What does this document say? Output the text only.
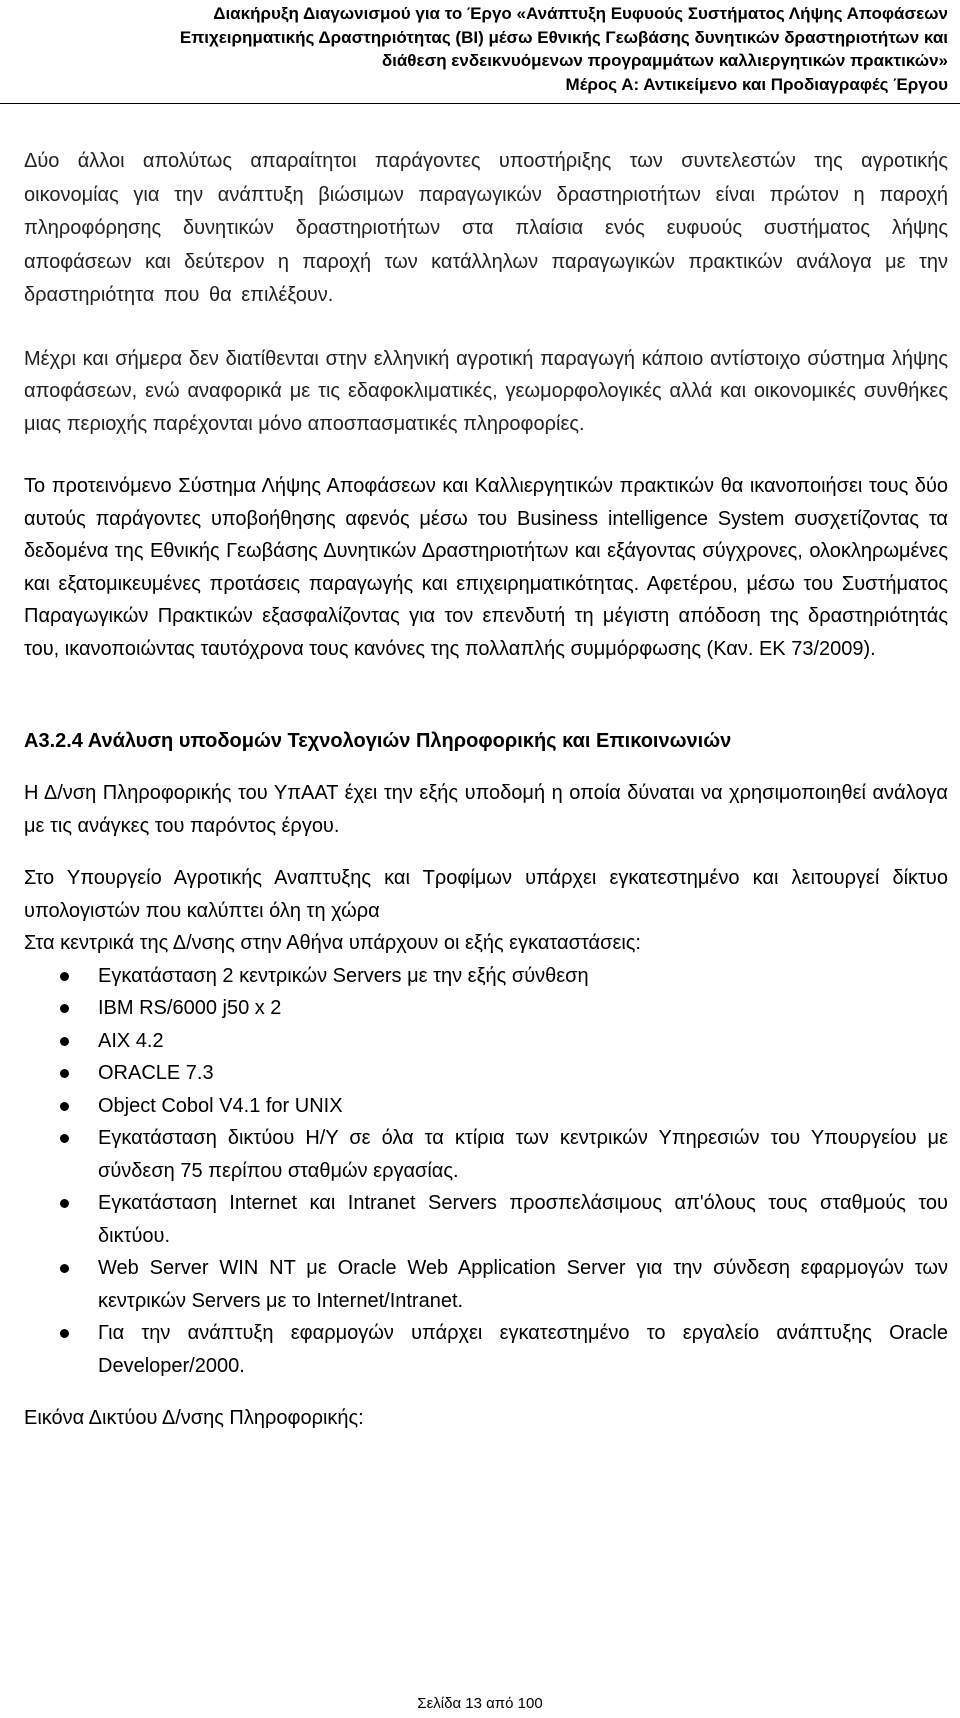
Διακήρυξη Διαγωνισμού για το Έργο «Ανάπτυξη Ευφυούς Συστήματος Λήψης Αποφάσεων
Επιχειρηματικής Δραστηριότητας (BI) μέσω Εθνικής Γεωβάσης δυνητικών δραστηριοτήτων και
διάθεση ενδεικνυόμενων προγραμμάτων καλλιεργητικών πρακτικών»
Μέρος Α: Αντικείμενο και Προδιαγραφές Έργου

Δύο άλλοι απολύτως απαραίτητοι παράγοντες υποστήριξης των συντελεστών της αγροτικής οικονομίας για την ανάπτυξη βιώσιμων παραγωγικών δραστηριοτήτων είναι πρώτον η παροχή πληροφόρησης δυνητικών δραστηριοτήτων στα πλαίσια ενός ευφυούς συστήματος λήψης αποφάσεων και δεύτερον η παροχή των κατάλληλων παραγωγικών πρακτικών ανάλογα με την δραστηριότητα που θα επιλέξουν.

Μέχρι και σήμερα δεν διατίθενται στην ελληνική αγροτική παραγωγή κάποιο αντίστοιχο σύστημα λήψης αποφάσεων, ενώ αναφορικά με τις εδαφοκλιματικές, γεωμορφολογικές αλλά και οικονομικές συνθήκες μιας περιοχής παρέχονται μόνο αποσπασματικές πληροφορίες.

Το προτεινόμενο Σύστημα Λήψης Αποφάσεων και Καλλιεργητικών πρακτικών θα ικανοποιήσει τους δύο αυτούς παράγοντες υποβοήθησης αφενός μέσω του Business intelligence System συσχετίζοντας τα δεδομένα της Εθνικής Γεωβάσης Δυνητικών Δραστηριοτήτων και εξάγοντας σύγχρονες, ολοκληρωμένες και εξατομικευμένες προτάσεις παραγωγής και επιχειρηματικότητας. Αφετέρου, μέσω του Συστήματος Παραγωγικών Πρακτικών εξασφαλίζοντας για τον επενδυτή τη μέγιστη απόδοση της δραστηριότητάς του, ικανοποιώντας ταυτόχρονα τους κανόνες της πολλαπλής συμμόρφωσης (Καν. ΕΚ 73/2009).

Α3.2.4 Ανάλυση υποδομών Τεχνολογιών Πληροφορικής και Επικοινωνιών

Η Δ/νση Πληροφορικής του ΥπΑΑΤ έχει την εξής υποδομή η οποία δύναται να χρησιμοποιηθεί ανάλογα με τις ανάγκες του παρόντος έργου.

Στο Υπουργείο Αγροτικής Αναπτυξης και Τροφίμων υπάρχει εγκατεστημένο και λειτουργεί δίκτυο υπολογιστών που καλύπτει όλη τη χώρα

Στα κεντρικά της Δ/νσης στην Αθήνα υπάρχουν οι εξής εγκαταστάσεις:

Εγκατάσταση 2 κεντρικών Servers με την εξής σύνθεση
IBM RS/6000 j50 x 2
AIX 4.2
ORACLE 7.3
Object Cobol V4.1 for UNIX
Εγκατάσταση δικτύου Η/Υ σε όλα τα κτίρια των κεντρικών Υπηρεσιών του Υπουργείου με σύνδεση 75 περίπου σταθμών εργασίας.
Εγκατάσταση Internet και Intranet Servers προσπελάσιμους απ'όλους τους σταθμούς του δικτύου.
Web Server WIN NT με Oracle Web Application Server για την σύνδεση εφαρμογών των κεντρικών Servers με το Internet/Intranet.
Για την ανάπτυξη εφαρμογών υπάρχει εγκατεστημένο το εργαλείο ανάπτυξης Oracle Developer/2000.

Εικόνα Δικτύου Δ/νσης Πληροφορικής:

Σελίδα 13 από 100
